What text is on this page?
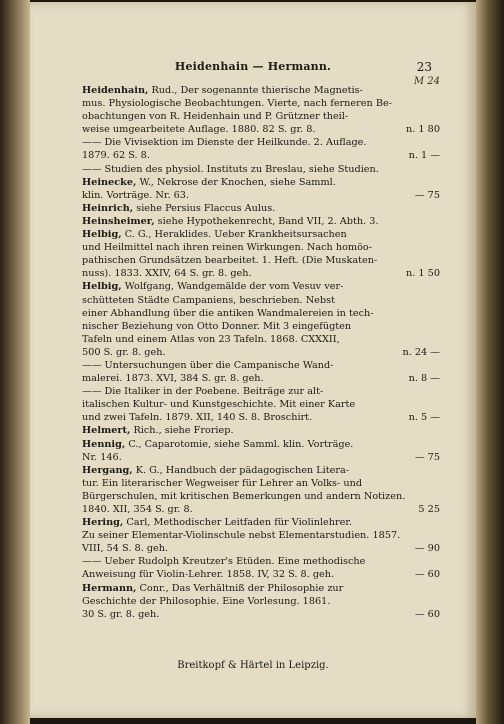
Heidenhain — Hermann.	23
M 24
Heidenhain, Rud., Der sogenannte thierische Magnetis-
mus. Physiologische Beobachtungen. Vierte, nach ferneren Be-
obachtungen von R. Heidenhain und P. Grützner theil-
weise umgearbeitete Auflage. 1880. 82 S. gr. 8.	n. 1 80
—— Die Vivisektion im Dienste der Heilkunde. 2. Auflage.
1879. 62 S. 8.	n. 1 —
—— Studien des physiol. Instituts zu Breslau, siehe Studien.
Heinecke, W., Nekrose der Knochen, siehe Samml.
klin. Vorträge. Nr. 63.	— 75
Heinrich, siehe Persius Flaccus Aulus.
Heinsheimer, siehe Hypothekenrecht, Band VII, 2. Abth. 3.
Helbig, C. G., Heraklides. Ueber Krankheitsursachen
und Heilmittel nach ihren reinen Wirkungen. Nach homöo-
pathischen Grundsätzen bearbeitet. 1. Heft. (Die Muskaten-
nuss). 1833. XXIV, 64 S. gr. 8. geh.	n. 1 50
Helbig, Wolfgang, Wandgemälde der vom Vesuv ver-
schütteten Städte Campaniens, beschrieben. Nebst
einer Abhandlung über die antiken Wandmalereien in tech-
nischer Beziehung von Otto Donner. Mit 3 eingefügten
Tafeln und einem Atlas von 23 Tafeln. 1868. CXXXII,
500 S. gr. 8. geh.	n. 24 —
—— Untersuchungen über die Campanische Wand-
malerei. 1873. XVI, 384 S. gr. 8. geh.	n. 8 —
—— Die Italiker in der Poebene. Beiträge zur alt-
italischen Kultur- und Kunstgeschichte. Mit einer Karte
und zwei Tafeln. 1879. XII, 140 S. 8. Broschirt.	n. 5 —
Helmert, Rich., siehe Froriep.
Hennig, C., Caparotomie, siehe Samml. klin. Vorträge.
Nr. 146.	— 75
Hergang, K. G., Handbuch der pädagogischen Litera-
tur. Ein literarischer Wegweiser für Lehrer an Volks- und
Bürgerschulen, mit kritischen Bemerkungen und andern Notizen.
1840. XII, 354 S. gr. 8.	5 25
Hering, Carl, Methodischer Leitfaden für Violinlehrer.
Zu seiner Elementar-Violinschule nebst Elementarstudien. 1857.
VIII, 54 S. 8. geh.	— 90
—— Ueber Rudolph Kreutzer's Etüden. Eine methodische
Anweisung für Violin-Lehrer. 1858. IV, 32 S. 8. geh.	— 60
Hermann, Conr., Das Verhältniß der Philosophie zur
Geschichte der Philosophie. Eine Vorlesung. 1861.
30 S. gr. 8. geh.	— 60
Breitkopf & Härtel in Leipzig.
